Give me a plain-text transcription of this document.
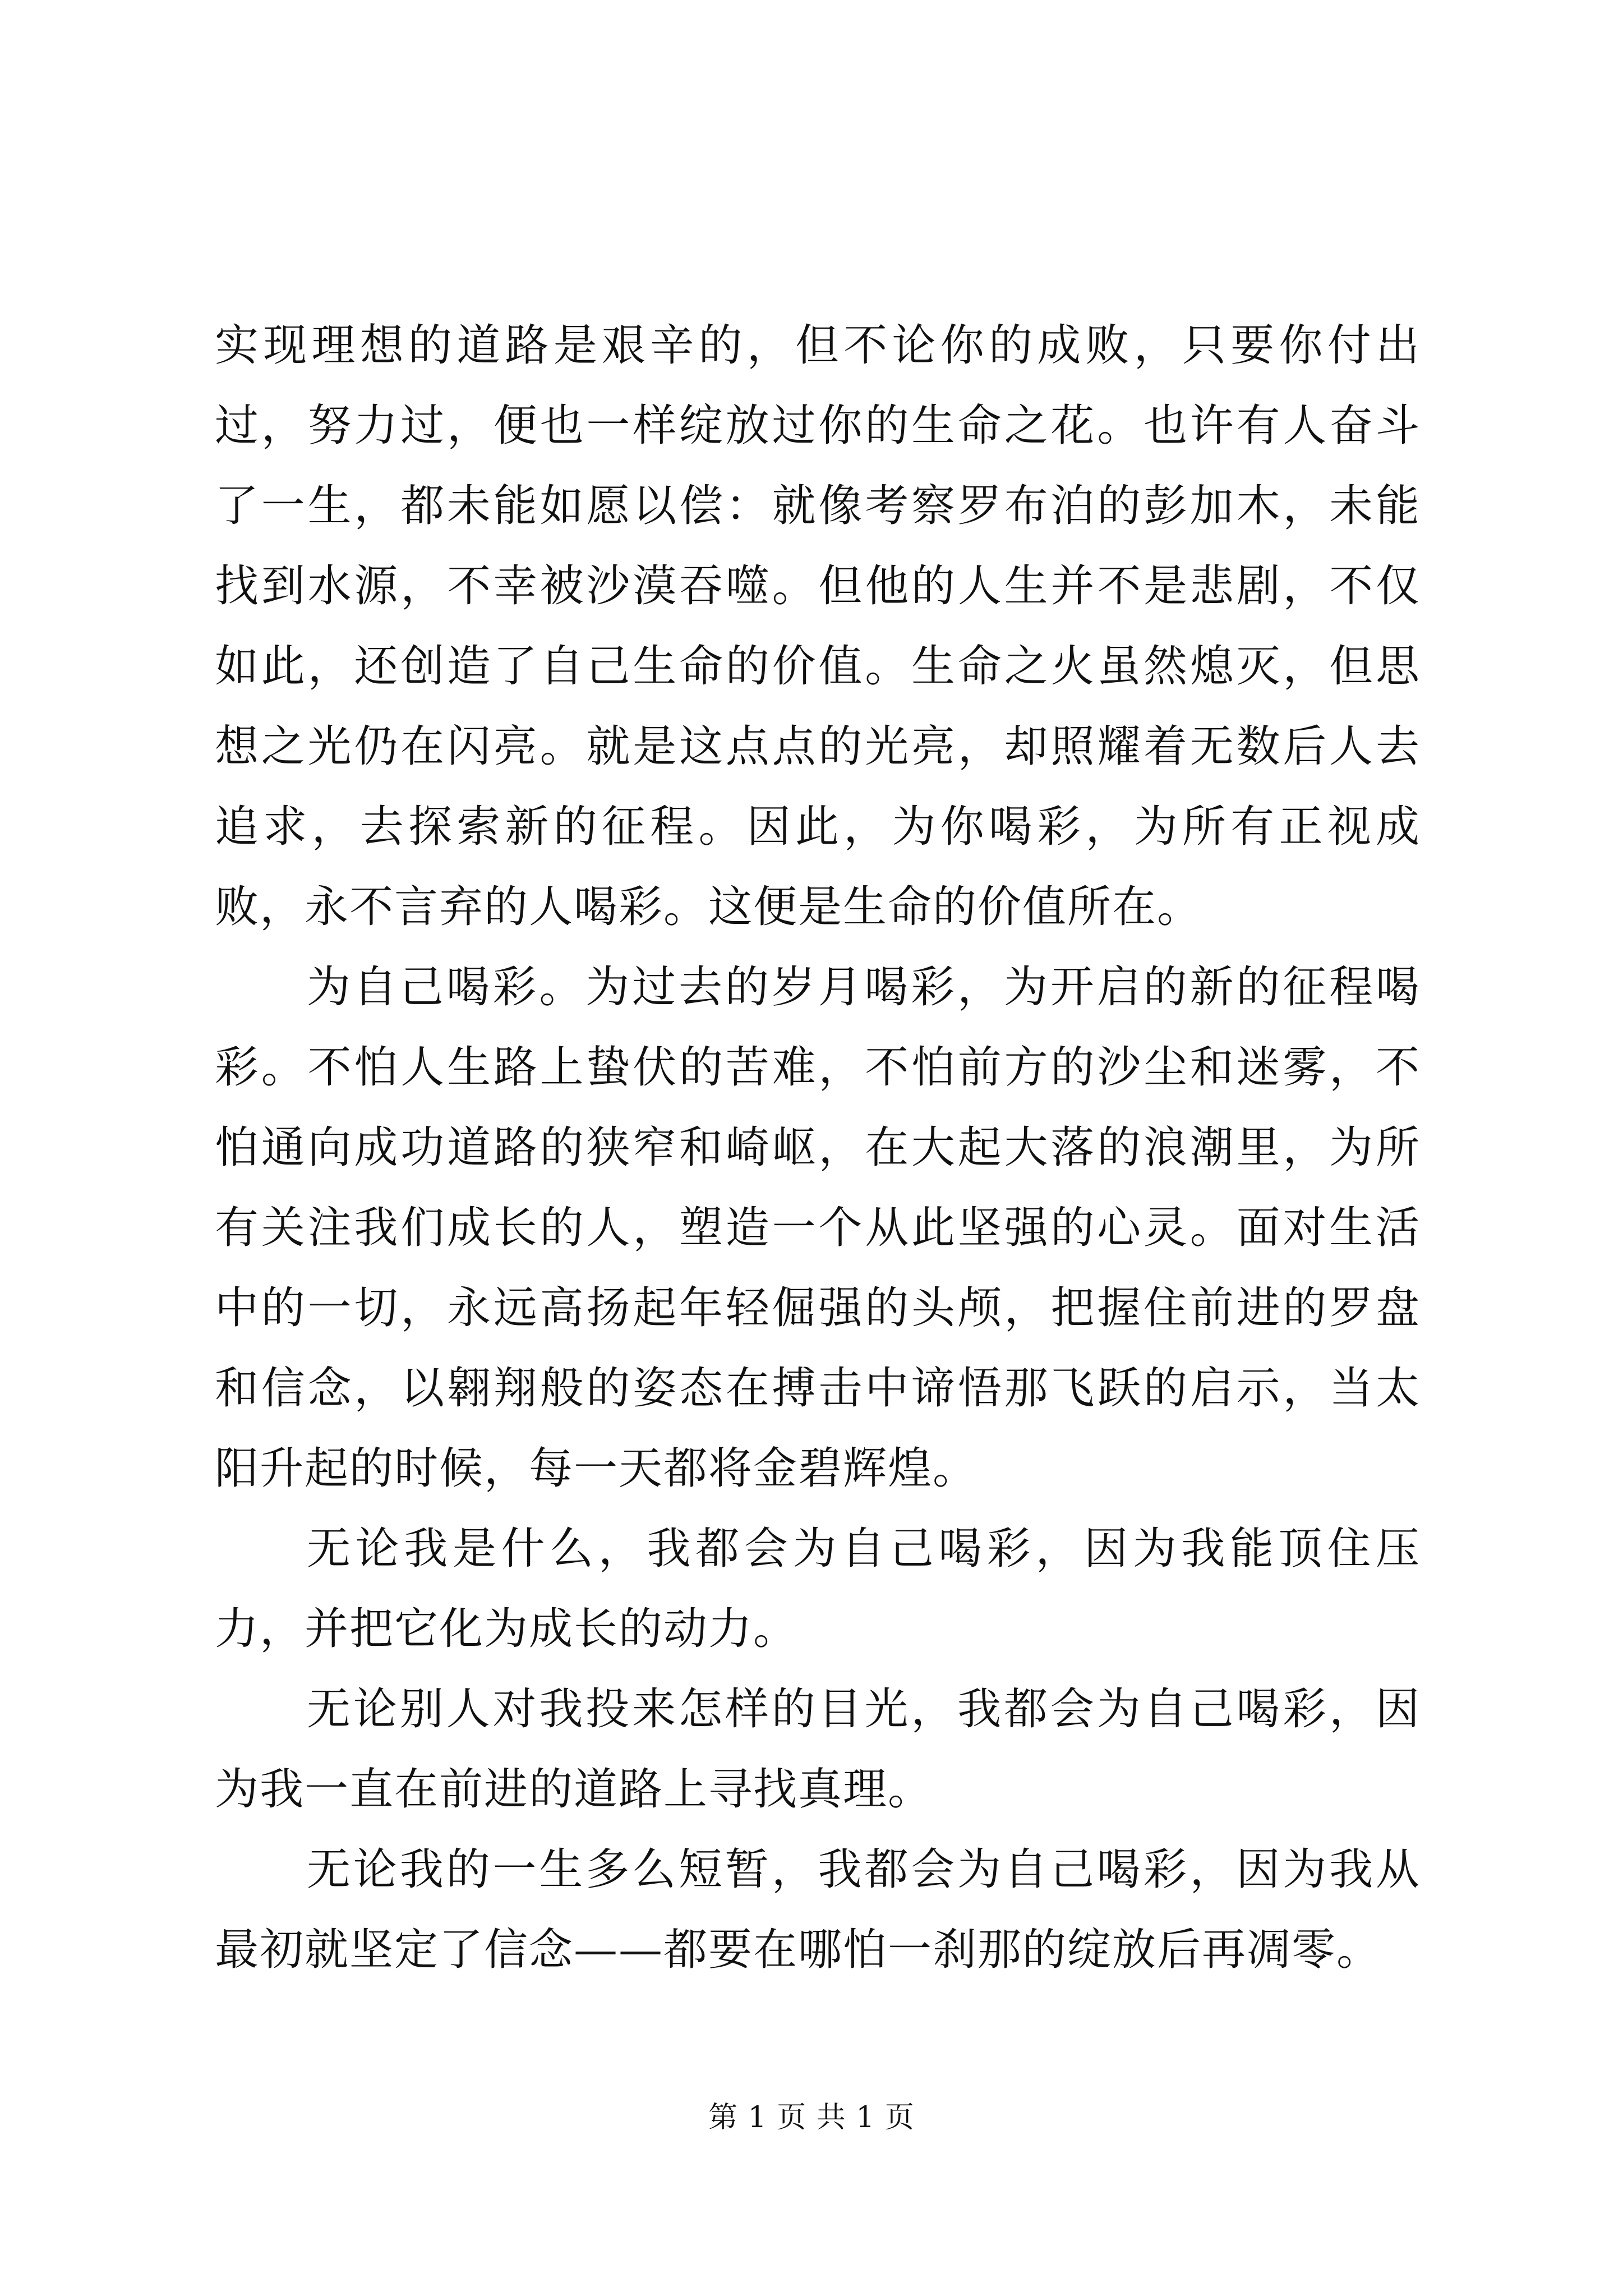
实现理想的道路是艰辛的，但不论你的成败，只要你付出过，努力过，便也一样绽放过你的生命之花。也许有人奋斗了一生，都未能如愿以偿：就像考察罗布泊的彭加木，未能找到水源，不幸被沙漠吞噬。但他的人生并不是悲剧，不仅如此，还创造了自己生命的价值。生命之火虽然熄灭，但思想之光仍在闪亮。就是这点点的光亮，却照耀着无数后人去追求，去探索新的征程。因此，为你喝彩，为所有正视成败，永不言弃的人喝彩。这便是生命的价值所在。

为自己喝彩。为过去的岁月喝彩，为开启的新的征程喝彩。不怕人生路上蛰伏的苦难，不怕前方的沙尘和迷雾，不怕通向成功道路的狭窄和崎岖，在大起大落的浪潮里，为所有关注我们成长的人，塑造一个从此坚强的心灵。面对生活中的一切，永远高扬起年轻倔强的头颅，把握住前进的罗盘和信念，以翱翔般的姿态在搏击中谛悟那飞跃的启示，当太阳升起的时候，每一天都将金碧辉煌。

无论我是什么，我都会为自己喝彩，因为我能顶住压力，并把它化为成长的动力。

无论别人对我投来怎样的目光，我都会为自己喝彩，因为我一直在前进的道路上寻找真理。

无论我的一生多么短暂，我都会为自己喝彩，因为我从最初就坚定了信念——都要在哪怕一刹那的绽放后再凋零。

第 1 页 共 1 页
